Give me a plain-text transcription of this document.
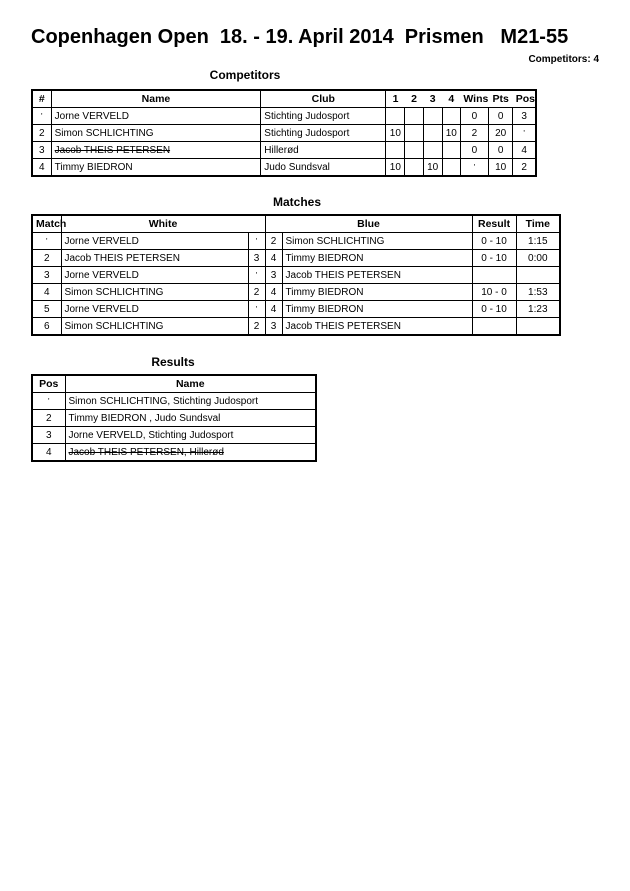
Copenhagen Open  18. - 19. April 2014  Prismen   M21-55
Competitors: 4
Competitors
#	Name	Club	1	2	3	4	Wins	Pts	Pos
'	Jorne VERVELD	Stichting Judosport					0	0	3
2	Simon SCHLICHTING	Stichting Judosport	10			10	2	20	'
3	Jacob THEIS PETERSEN	Hillerød					0	0	4
4	Timmy BIEDRON	Judo Sundsval	10		10		'	10	2
Matches
Match	White		Blue		Result	Time
'	Jorne VERVELD	'	2	Simon SCHLICHTING	0 - 10	1:15
2	Jacob THEIS PETERSEN	3	4	Timmy BIEDRON	0 - 10	0:00
3	Jorne VERVELD	'	3	Jacob THEIS PETERSEN		
4	Simon SCHLICHTING	2	4	Timmy BIEDRON	10 - 0	1:53
5	Jorne VERVELD	'	4	Timmy BIEDRON	0 - 10	1:23
6	Simon SCHLICHTING	2	3	Jacob THEIS PETERSEN		
Results
Pos	Name
'	Simon SCHLICHTING, Stichting Judosport
2	Timmy BIEDRON , Judo Sundsval
3	Jorne VERVELD, Stichting Judosport
4	Jacob THEIS PETERSEN, Hillerød
